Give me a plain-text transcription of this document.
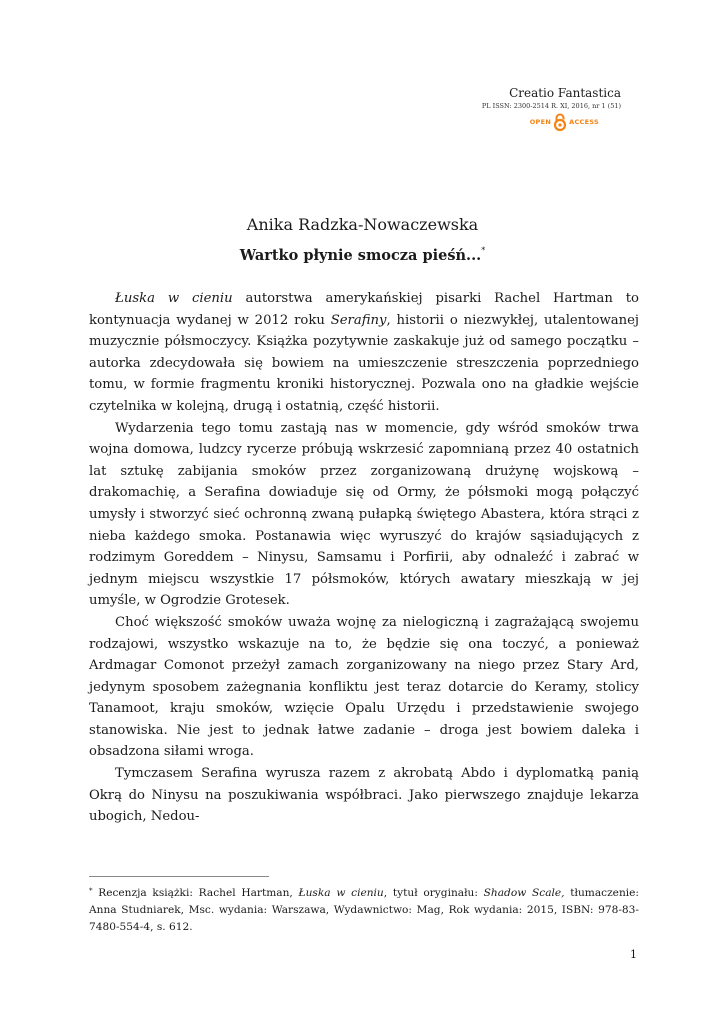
Creatio Fantastica
PL ISSN: 2300-2514 R. XI, 2016, nr 1 (51)
OPEN	ACCESS
Anika Radzka-Nowaczewska
Wartko płynie smocza pieśń...*

Łuska w cieniu autorstwa amerykańskiej pisarki Rachel Hartman to kontynuacja wydanej w 2012 roku Serafiny, historii o niezwykłej, utalentowanej muzycznie półsmoczycy. Książka pozytywnie zaskakuje już od samego początku – autorka zdecydowała się bowiem na umieszczenie streszczenia poprzedniego tomu, w formie fragmentu kroniki historycznej. Pozwala ono na gładkie wejście czytelnika w kolejną, drugą i ostatnią, część historii.

Wydarzenia tego tomu zastają nas w momencie, gdy wśród smoków trwa wojna domowa, ludzcy rycerze próbują wskrzesić zapomnianą przez 40 ostatnich lat sztukę zabijania smoków przez zorganizowaną drużynę wojskową – drakomachię, a Serafina dowiaduje się od Ormy, że półsmoki mogą połączyć umysły i stworzyć sieć ochronną zwaną pułapką świętego Abastera, która strąci z nieba każdego smoka. Postanawia więc wyruszyć do krajów sąsiadujących z rodzimym Goreddem – Ninysu, Samsamu i Porfirii, aby odnaleźć i zabrać w jednym miejscu wszystkie 17 półsmoków, których awatary mieszkają w jej umyśle, w Ogrodzie Grotesek.

Choć większość smoków uważa wojnę za nielogiczną i zagrażającą swojemu rodzajowi, wszystko wskazuje na to, że będzie się ona toczyć, a ponieważ Ardmagar Comonot przeżył zamach zorganizowany na niego przez Stary Ard, jedynym sposobem zażegnania konfliktu jest teraz dotarcie do Keramy, stolicy Tanamoot, kraju smoków, wzięcie Opalu Urzędu i przedstawienie swojego stanowiska. Nie jest to jednak łatwe zadanie – droga jest bowiem daleka i obsadzona siłami wroga.

Tymczasem Serafina wyrusza razem z akrobatą Abdo i dyplomatką panią Okrą do Ninysu na poszukiwania współbraci. Jako pierwszego znajduje lekarza ubogich, Nedou-

* Recenzja książki: Rachel Hartman, Łuska w cieniu, tytuł oryginału: Shadow Scale, tłumaczenie: Anna Studniarek, Msc. wydania: Warszawa, Wydawnictwo: Mag, Rok wydania: 2015, ISBN: 978-83-7480-554-4, s. 612.
1
